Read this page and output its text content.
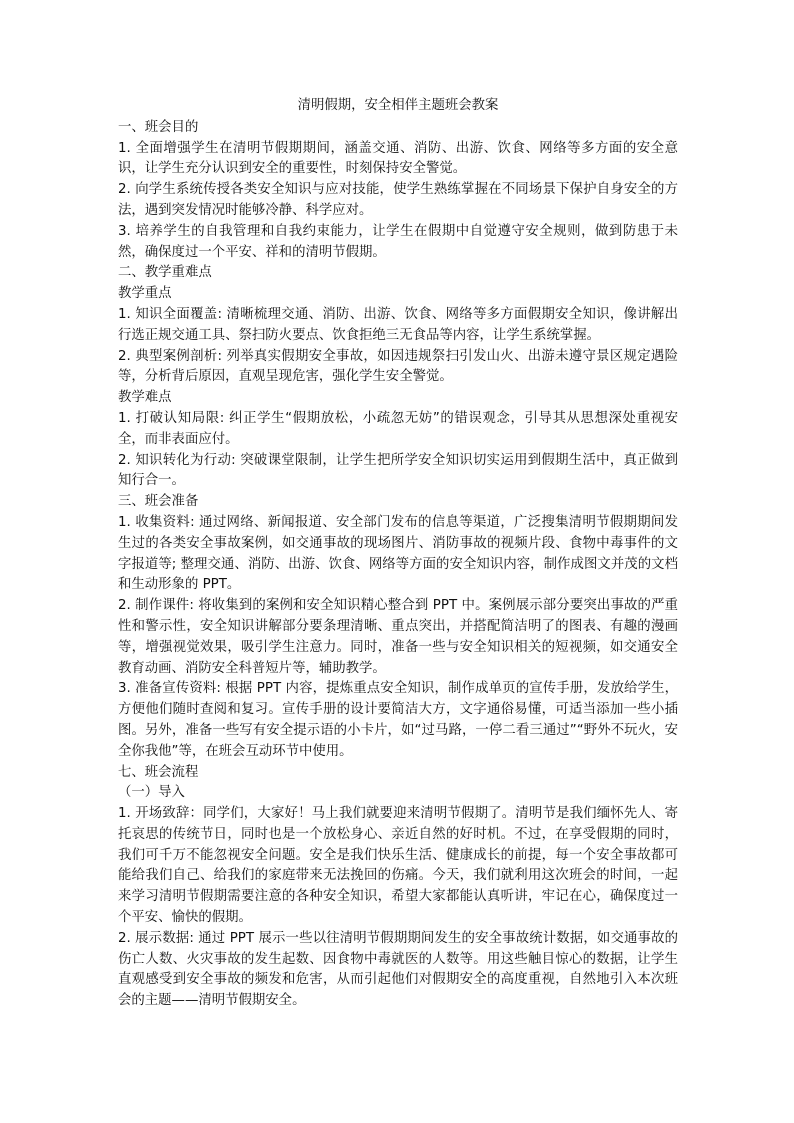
清明假期，安全相伴主题班会教案

一、班会目的

1. 全面增强学生在清明节假期期间，涵盖交通、消防、出游、饮食、网络等多方面的安全意识，让学生充分认识到安全的重要性，时刻保持安全警觉。

2. 向学生系统传授各类安全知识与应对技能，使学生熟练掌握在不同场景下保护自身安全的方法，遇到突发情况时能够冷静、科学应对。

3. 培养学生的自我管理和自我约束能力，让学生在假期中自觉遵守安全规则，做到防患于未然，确保度过一个平安、祥和的清明节假期。

二、教学重难点

教学重点

1. 知识全面覆盖: 清晰梳理交通、消防、出游、饮食、网络等多方面假期安全知识，像讲解出行选正规交通工具、祭扫防火要点、饮食拒绝三无食品等内容，让学生系统掌握。

2. 典型案例剖析: 列举真实假期安全事故，如因违规祭扫引发山火、出游未遵守景区规定遇险等，分析背后原因，直观呈现危害，强化学生安全警觉。

教学难点

1. 打破认知局限: 纠正学生“假期放松，小疏忽无妨”的错误观念，引导其从思想深处重视安全，而非表面应付。

2. 知识转化为行动: 突破课堂限制，让学生把所学安全知识切实运用到假期生活中，真正做到知行合一。

三、班会准备

1. 收集资料: 通过网络、新闻报道、安全部门发布的信息等渠道，广泛搜集清明节假期期间发生过的各类安全事故案例，如交通事故的现场图片、消防事故的视频片段、食物中毒事件的文字报道等; 整理交通、消防、出游、饮食、网络等方面的安全知识内容，制作成图文并茂的文档和生动形象的 PPT。

2. 制作课件: 将收集到的案例和安全知识精心整合到 PPT 中。案例展示部分要突出事故的严重性和警示性，安全知识讲解部分要条理清晰、重点突出，并搭配简洁明了的图表、有趣的漫画等，增强视觉效果，吸引学生注意力。同时，准备一些与安全知识相关的短视频，如交通安全教育动画、消防安全科普短片等，辅助教学。

3. 准备宣传资料: 根据 PPT 内容，提炼重点安全知识，制作成单页的宣传手册，发放给学生，方便他们随时查阅和复习。宣传手册的设计要简洁大方，文字通俗易懂，可适当添加一些小插图。另外，准备一些写有安全提示语的小卡片，如“过马路，一停二看三通过”“野外不玩火，安全你我他”等，在班会互动环节中使用。

七、班会流程

（一）导入

1. 开场致辞：同学们，大家好！马上我们就要迎来清明节假期了。清明节是我们缅怀先人、寄托哀思的传统节日，同时也是一个放松身心、亲近自然的好时机。不过，在享受假期的同时，我们可千万不能忽视安全问题。安全是我们快乐生活、健康成长的前提，每一个安全事故都可能给我们自己、给我们的家庭带来无法挽回的伤痛。今天，我们就利用这次班会的时间，一起来学习清明节假期需要注意的各种安全知识，希望大家都能认真听讲，牢记在心，确保度过一个平安、愉快的假期。

2. 展示数据: 通过 PPT 展示一些以往清明节假期期间发生的安全事故统计数据，如交通事故的伤亡人数、火灾事故的发生起数、因食物中毒就医的人数等。用这些触目惊心的数据，让学生直观感受到安全事故的频发和危害，从而引起他们对假期安全的高度重视，自然地引入本次班会的主题——清明节假期安全。
